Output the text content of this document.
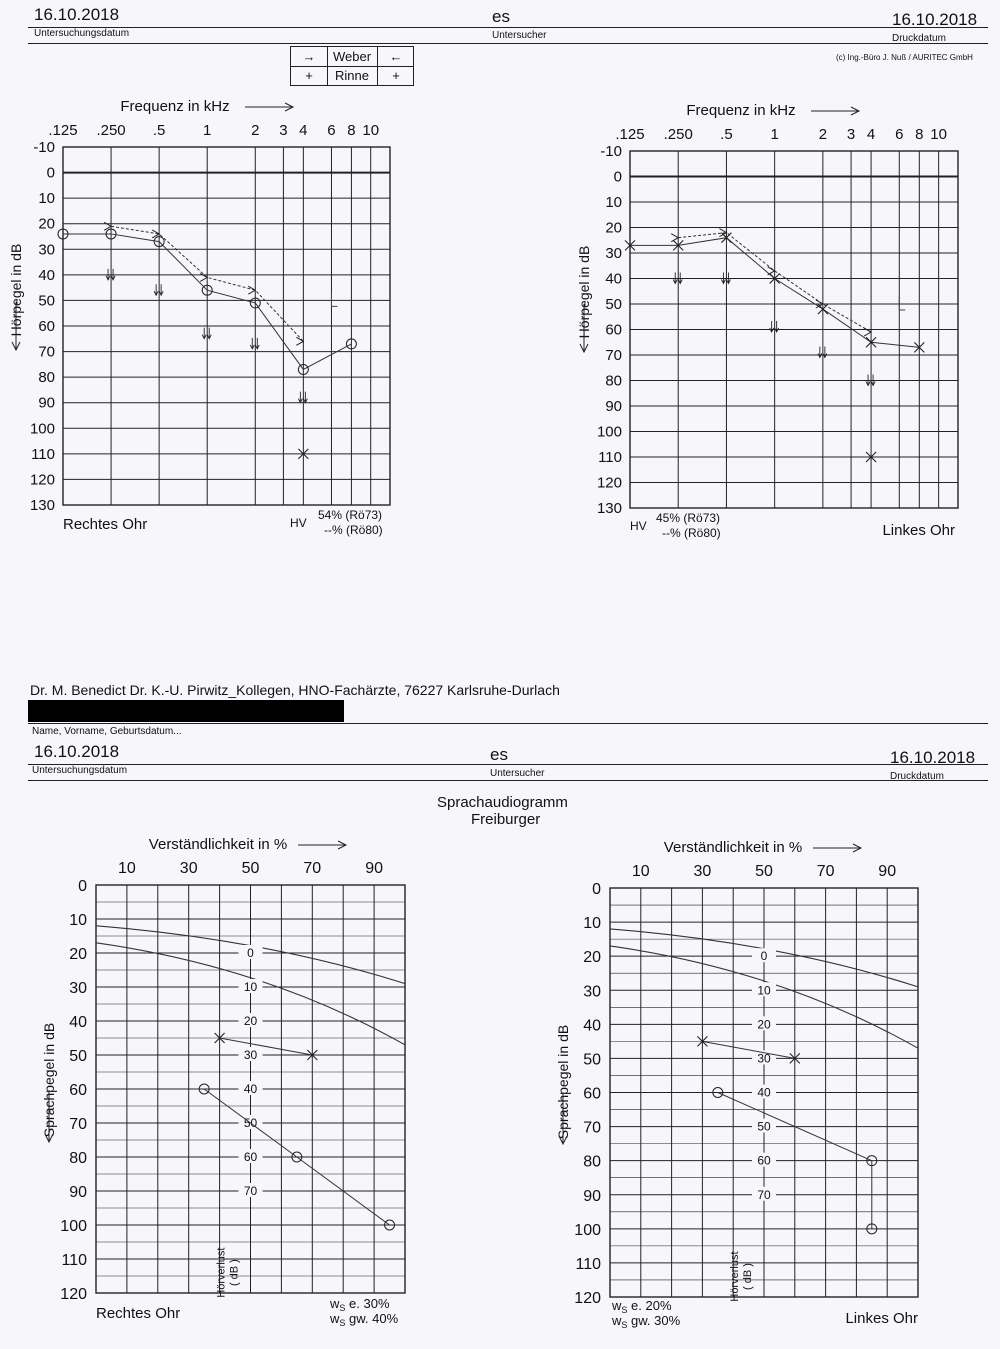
16.10.2018	es	16.10.2018
Untersuchungsdatum	Untersucher	Druckdatum
(c) Ing.-Büro J. Nuß / AURITEC GmbH
→	Weber	←
+	Rinne	+
Dr. M. Benedict Dr. K.-U. Pirwitz_Kollegen, HNO-Fachärzte, 76227 Karlsruhe-Durlach
Name, Vorname, Geburtsdatum...
16.10.2018	es	16.10.2018
Untersuchungsdatum	Untersucher	Druckdatum
Sprachaudiogramm
Freiburger
.125 .250 .5	1	2 3 4 6 8 10
-10
0
10
20
30
40
50
60
70
80
90
100
110
120
130
Frequenz in kHz
Hörpegel in dB
Rechtes Ohr	HV
54% (Rö73)
--% (Rö80)
.125 .250 .5	1	2 3 4 6 8 10
-10
0
10
20
30
40
50
60
70
80
90
100
110
120
130
Frequenz in kHz
Hörpegel in dB
Linkes Ohr
HV
45% (Rö73)
--% (Rö80)
10	30	50	70	90
0
10
20
30
40
50
60
70
80
90
100
110
120
Verständlichkeit in %
Sprachpegel in dB
0
10
20
30
40
50
60
70
Hörverlust ( dB )
Rechtes Ohr
$w_S$ e. 30%
$w_S$ gw. 40%
10	30	50	70	90
0
10
20
30
40
50
60
70
80
90
100
110
120
Verständlichkeit in %
Sprachpegel in dB
0
10
20
30
40
50
60
70
Hörverlust ( dB )
Linkes Ohr
$w_S$ e. 20%
$w_S$ gw. 30%
